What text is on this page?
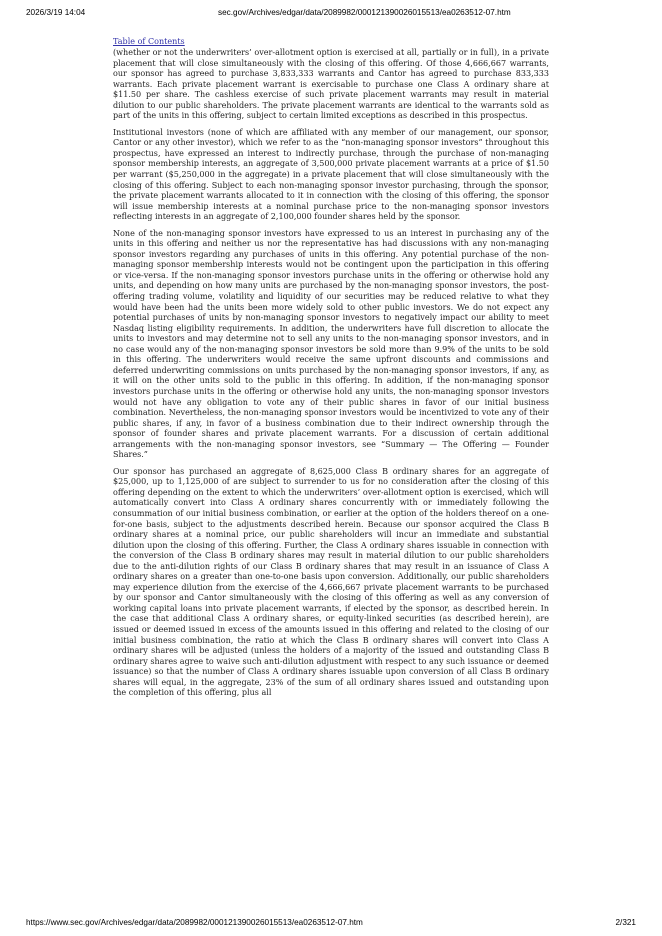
2026/3/19 14:04	sec.gov/Archives/edgar/data/2089982/000121390026015513/ea0263512-07.htm
Table of Contents

(whether or not the underwriters’ over-allotment option is exercised at all, partially or in full), in a private placement that will close simultaneously with the closing of this offering. Of those 4,666,667 warrants, our sponsor has agreed to purchase 3,833,333 warrants and Cantor has agreed to purchase 833,333 warrants. Each private placement warrant is exercisable to purchase one Class A ordinary share at $11.50 per share. The cashless exercise of such private placement warrants may result in material dilution to our public shareholders. The private placement warrants are identical to the warrants sold as part of the units in this offering, subject to certain limited exceptions as described in this prospectus.

Institutional investors (none of which are affiliated with any member of our management, our sponsor, Cantor or any other investor), which we refer to as the “non-managing sponsor investors” throughout this prospectus, have expressed an interest to indirectly purchase, through the purchase of non-managing sponsor membership interests, an aggregate of 3,500,000 private placement warrants at a price of $1.50 per warrant ($5,250,000 in the aggregate) in a private placement that will close simultaneously with the closing of this offering. Subject to each non-managing sponsor investor purchasing, through the sponsor, the private placement warrants allocated to it in connection with the closing of this offering, the sponsor will issue membership interests at a nominal purchase price to the non-managing sponsor investors reflecting interests in an aggregate of 2,100,000 founder shares held by the sponsor.

None of the non-managing sponsor investors have expressed to us an interest in purchasing any of the units in this offering and neither us nor the representative has had discussions with any non-managing sponsor investors regarding any purchases of units in this offering. Any potential purchase of the non-managing sponsor membership interests would not be contingent upon the participation in this offering or vice-versa. If the non-managing sponsor investors purchase units in the offering or otherwise hold any units, and depending on how many units are purchased by the non-managing sponsor investors, the post-offering trading volume, volatility and liquidity of our securities may be reduced relative to what they would have been had the units been more widely sold to other public investors. We do not expect any potential purchases of units by non-managing sponsor investors to negatively impact our ability to meet Nasdaq listing eligibility requirements. In addition, the underwriters have full discretion to allocate the units to investors and may determine not to sell any units to the non-managing sponsor investors, and in no case would any of the non-managing sponsor investors be sold more than 9.9% of the units to be sold in this offering. The underwriters would receive the same upfront discounts and commissions and deferred underwriting commissions on units purchased by the non-managing sponsor investors, if any, as it will on the other units sold to the public in this offering. In addition, if the non-managing sponsor investors purchase units in the offering or otherwise hold any units, the non-managing sponsor investors would not have any obligation to vote any of their public shares in favor of our initial business combination. Nevertheless, the non-managing sponsor investors would be incentivized to vote any of their public shares, if any, in favor of a business combination due to their indirect ownership through the sponsor of founder shares and private placement warrants. For a discussion of certain additional arrangements with the non-managing sponsor investors, see “Summary — The Offering — Founder Shares.”

Our sponsor has purchased an aggregate of 8,625,000 Class B ordinary shares for an aggregate of $25,000, up to 1,125,000 of are subject to surrender to us for no consideration after the closing of this offering depending on the extent to which the underwriters’ over-allotment option is exercised, which will automatically convert into Class A ordinary shares concurrently with or immediately following the consummation of our initial business combination, or earlier at the option of the holders thereof on a one-for-one basis, subject to the adjustments described herein. Because our sponsor acquired the Class B ordinary shares at a nominal price, our public shareholders will incur an immediate and substantial dilution upon the closing of this offering. Further, the Class A ordinary shares issuable in connection with the conversion of the Class B ordinary shares may result in material dilution to our public shareholders due to the anti-dilution rights of our Class B ordinary shares that may result in an issuance of Class A ordinary shares on a greater than one-to-one basis upon conversion. Additionally, our public shareholders may experience dilution from the exercise of the 4,666,667 private placement warrants to be purchased by our sponsor and Cantor simultaneously with the closing of this offering as well as any conversion of working capital loans into private placement warrants, if elected by the sponsor, as described herein. In the case that additional Class A ordinary shares, or equity-linked securities (as described herein), are issued or deemed issued in excess of the amounts issued in this offering and related to the closing of our initial business combination, the ratio at which the Class B ordinary shares will convert into Class A ordinary shares will be adjusted (unless the holders of a majority of the issued and outstanding Class B ordinary shares agree to waive such anti-dilution adjustment with respect to any such issuance or deemed issuance) so that the number of Class A ordinary shares issuable upon conversion of all Class B ordinary shares will equal, in the aggregate, 23% of the sum of all ordinary shares issued and outstanding upon the completion of this offering, plus all

https://www.sec.gov/Archives/edgar/data/2089982/000121390026015513/ea0263512-07.htm	2/321
